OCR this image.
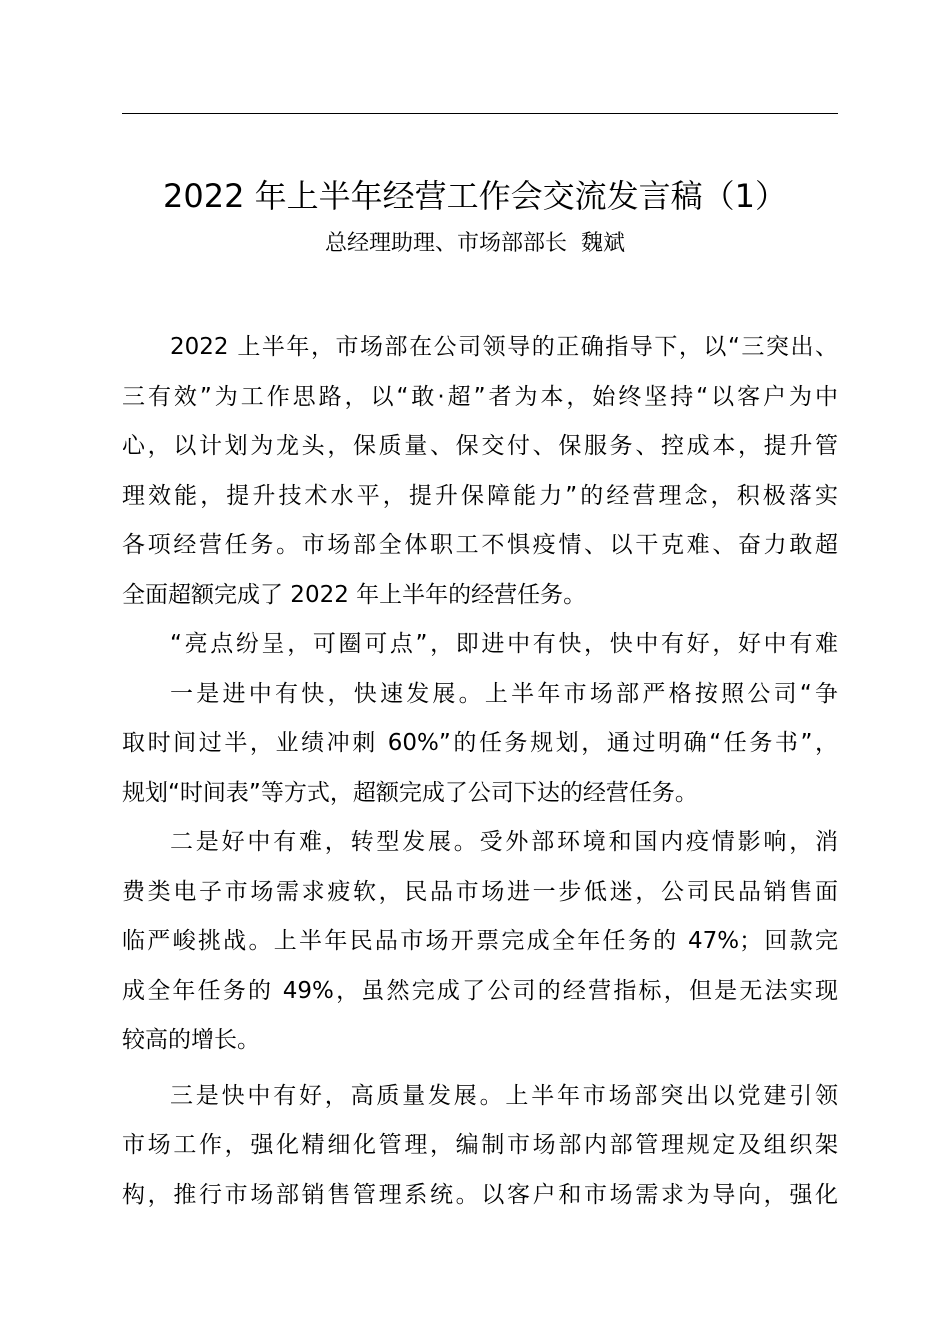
2022 年上半年经营工作会交流发言稿（1）
总经理助理、市场部部长  魏斌
2022 上半年，市场部在公司领导的正确指导下，以“三突出、
三有效”为工作思路，以“敢·超”者为本，始终坚持“以客户为中
心，以计划为龙头，保质量、保交付、保服务、控成本，提升管
理效能，提升技术水平，提升保障能力”的经营理念，积极落实
各项经营任务。市场部全体职工不惧疫情、以干克难、奋力敢超
全面超额完成了 2022 年上半年的经营任务。
“亮点纷呈，可圈可点”，即进中有快，快中有好，好中有难
一是进中有快，快速发展。上半年市场部严格按照公司“争
取时间过半，业绩冲刺 60%”的任务规划，通过明确“任务书”，
规划“时间表”等方式，超额完成了公司下达的经营任务。
二是好中有难，转型发展。受外部环境和国内疫情影响，消
费类电子市场需求疲软，民品市场进一步低迷，公司民品销售面
临严峻挑战。上半年民品市场开票完成全年任务的 47%；回款完
成全年任务的 49%，虽然完成了公司的经营指标，但是无法实现
较高的增长。
三是快中有好，高质量发展。上半年市场部突出以党建引领
市场工作，强化精细化管理，编制市场部内部管理规定及组织架
构，推行市场部销售管理系统。以客户和市场需求为导向，强化
